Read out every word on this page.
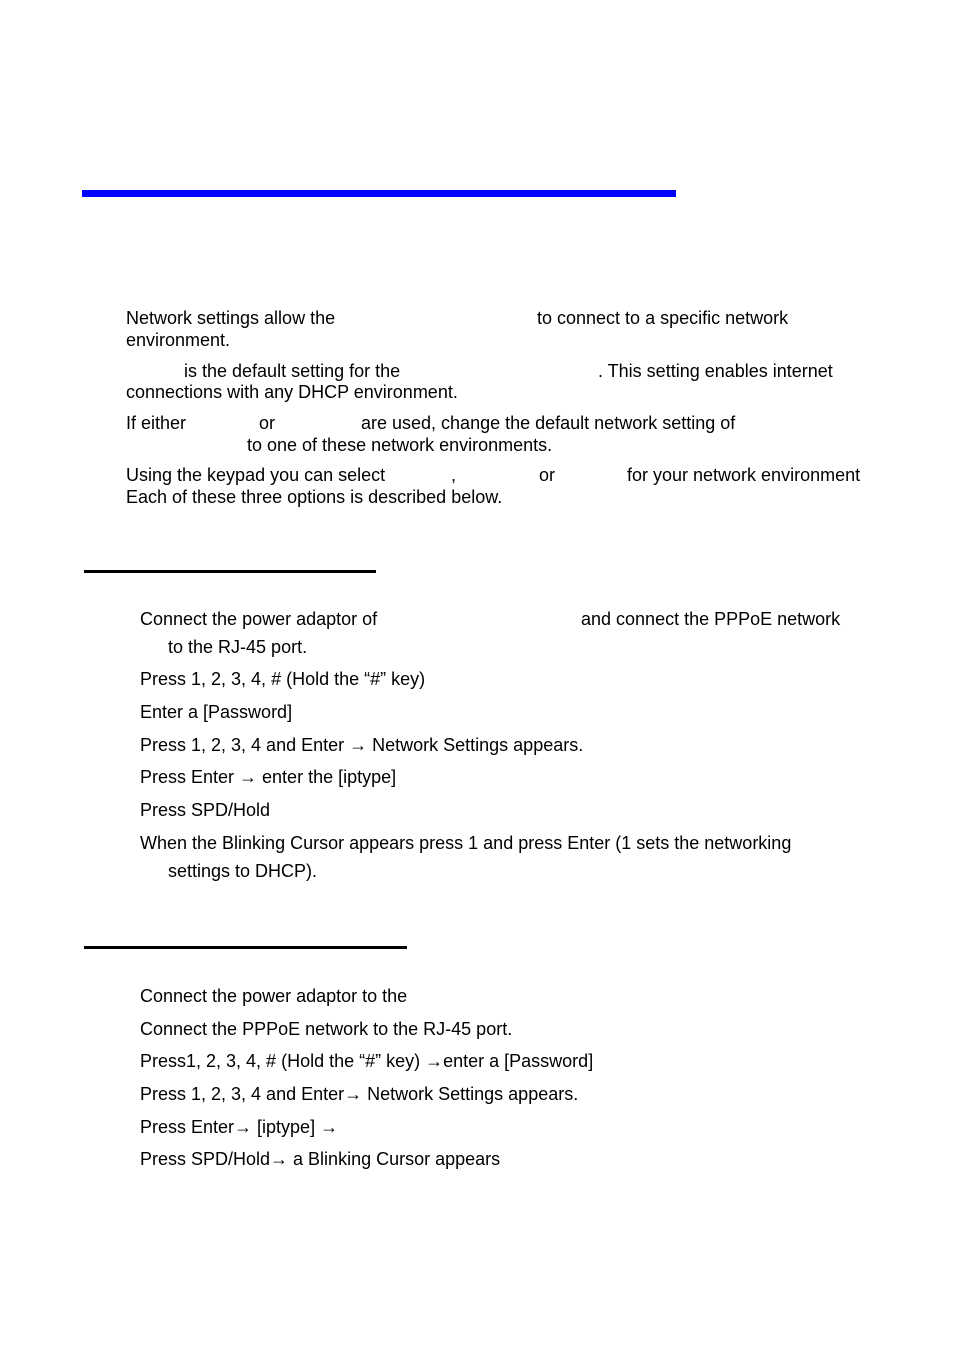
Network settings allow the	to connect to a specific network
environment.
is the default setting for the	. This setting enables internet
connections with any DHCP environment.
If either	or	are used, change the default network setting of
to one of these network environments.
Using the keypad you can select	,	or	for your network environment
Each of these three options is described below.
Connect the power adaptor of	and connect the PPPoE network
to the RJ-45 port.
Press 1, 2, 3, 4, # (Hold the “#” key)
Enter a [Password]
Press 1, 2, 3, 4 and Enter → Network Settings appears.
Press Enter → enter the [iptype]
Press SPD/Hold
When the Blinking Cursor appears press 1 and press Enter (1 sets the networking
settings to DHCP).
Connect the power adaptor to the
Connect the PPPoE network to the RJ-45 port.
Press1, 2, 3, 4, # (Hold the “#” key) →enter a [Password]
Press 1, 2, 3, 4 and Enter→ Network Settings appears.
Press Enter→ [iptype] →
Press SPD/Hold→ a Blinking Cursor appears
